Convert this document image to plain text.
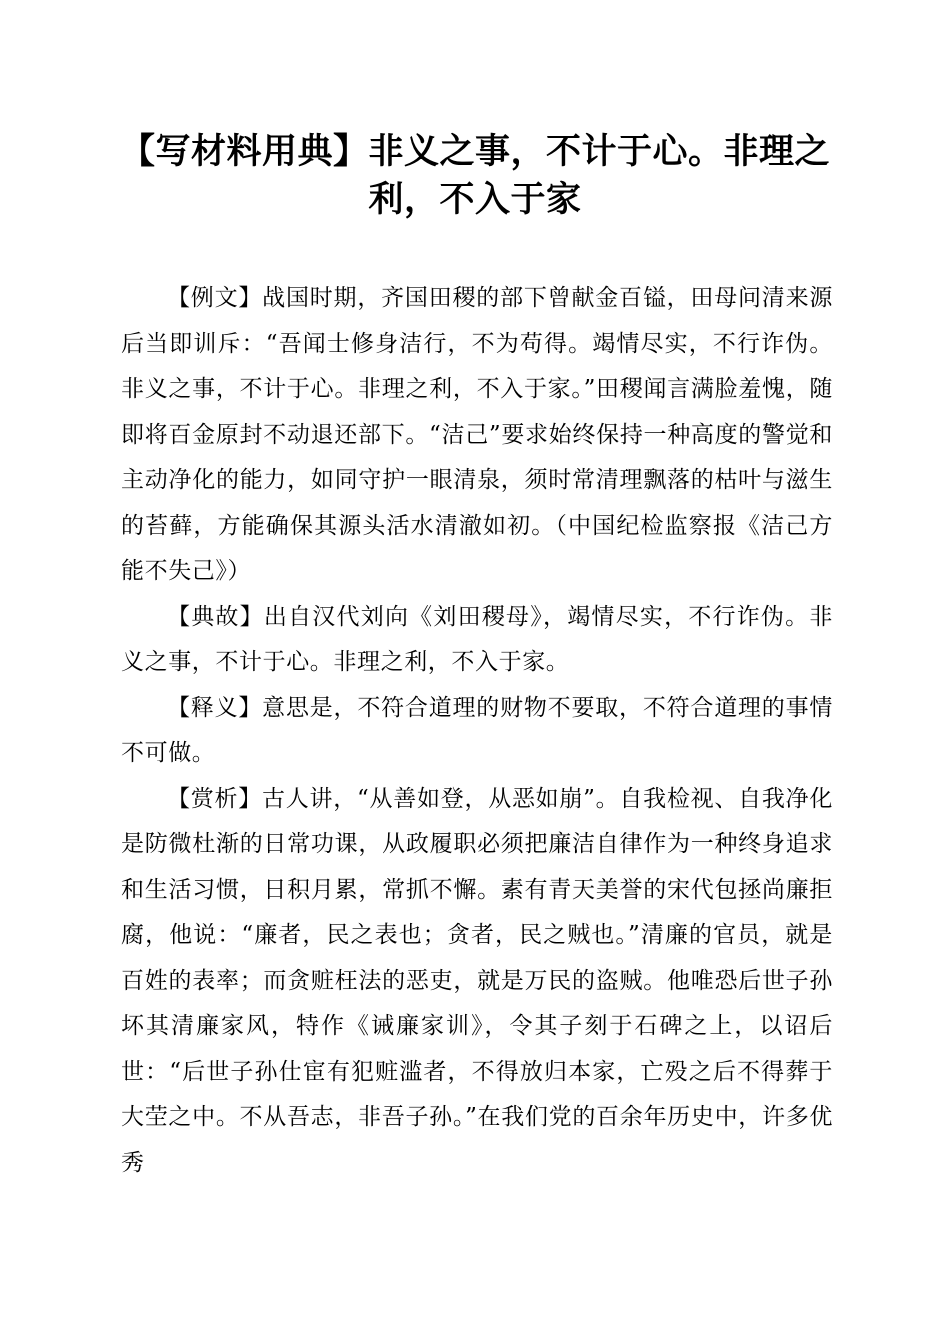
【写材料用典】非义之事，不计于心。非理之利，不入于家

【例文】战国时期，齐国田稷的部下曾献金百镒，田母问清来源后当即训斥：“吾闻士修身洁行，不为苟得。竭情尽实，不行诈伪。非义之事，不计于心。非理之利，不入于家。”田稷闻言满脸羞愧，随即将百金原封不动退还部下。“洁己”要求始终保持一种高度的警觉和主动净化的能力，如同守护一眼清泉，须时常清理飘落的枯叶与滋生的苔藓，方能确保其源头活水清澈如初。（中国纪检监察报《洁己方能不失己》）

【典故】出自汉代刘向《刘田稷母》，竭情尽实，不行诈伪。非义之事，不计于心。非理之利，不入于家。

【释义】意思是，不符合道理的财物不要取，不符合道理的事情不可做。

【赏析】古人讲，“从善如登，从恶如崩”。自我检视、自我净化是防微杜渐的日常功课，从政履职必须把廉洁自律作为一种终身追求和生活习惯，日积月累，常抓不懈。素有青天美誉的宋代包拯尚廉拒腐，他说：“廉者，民之表也；贪者，民之贼也。”清廉的官员，就是百姓的表率；而贪赃枉法的恶吏，就是万民的盗贼。他唯恐后世子孙坏其清廉家风，特作《诫廉家训》，令其子刻于石碑之上，以诏后世：“后世子孙仕宦有犯赃滥者，不得放归本家，亡殁之后不得葬于大茔之中。不从吾志，非吾子孙。”在我们党的百余年历史中，许多优秀
